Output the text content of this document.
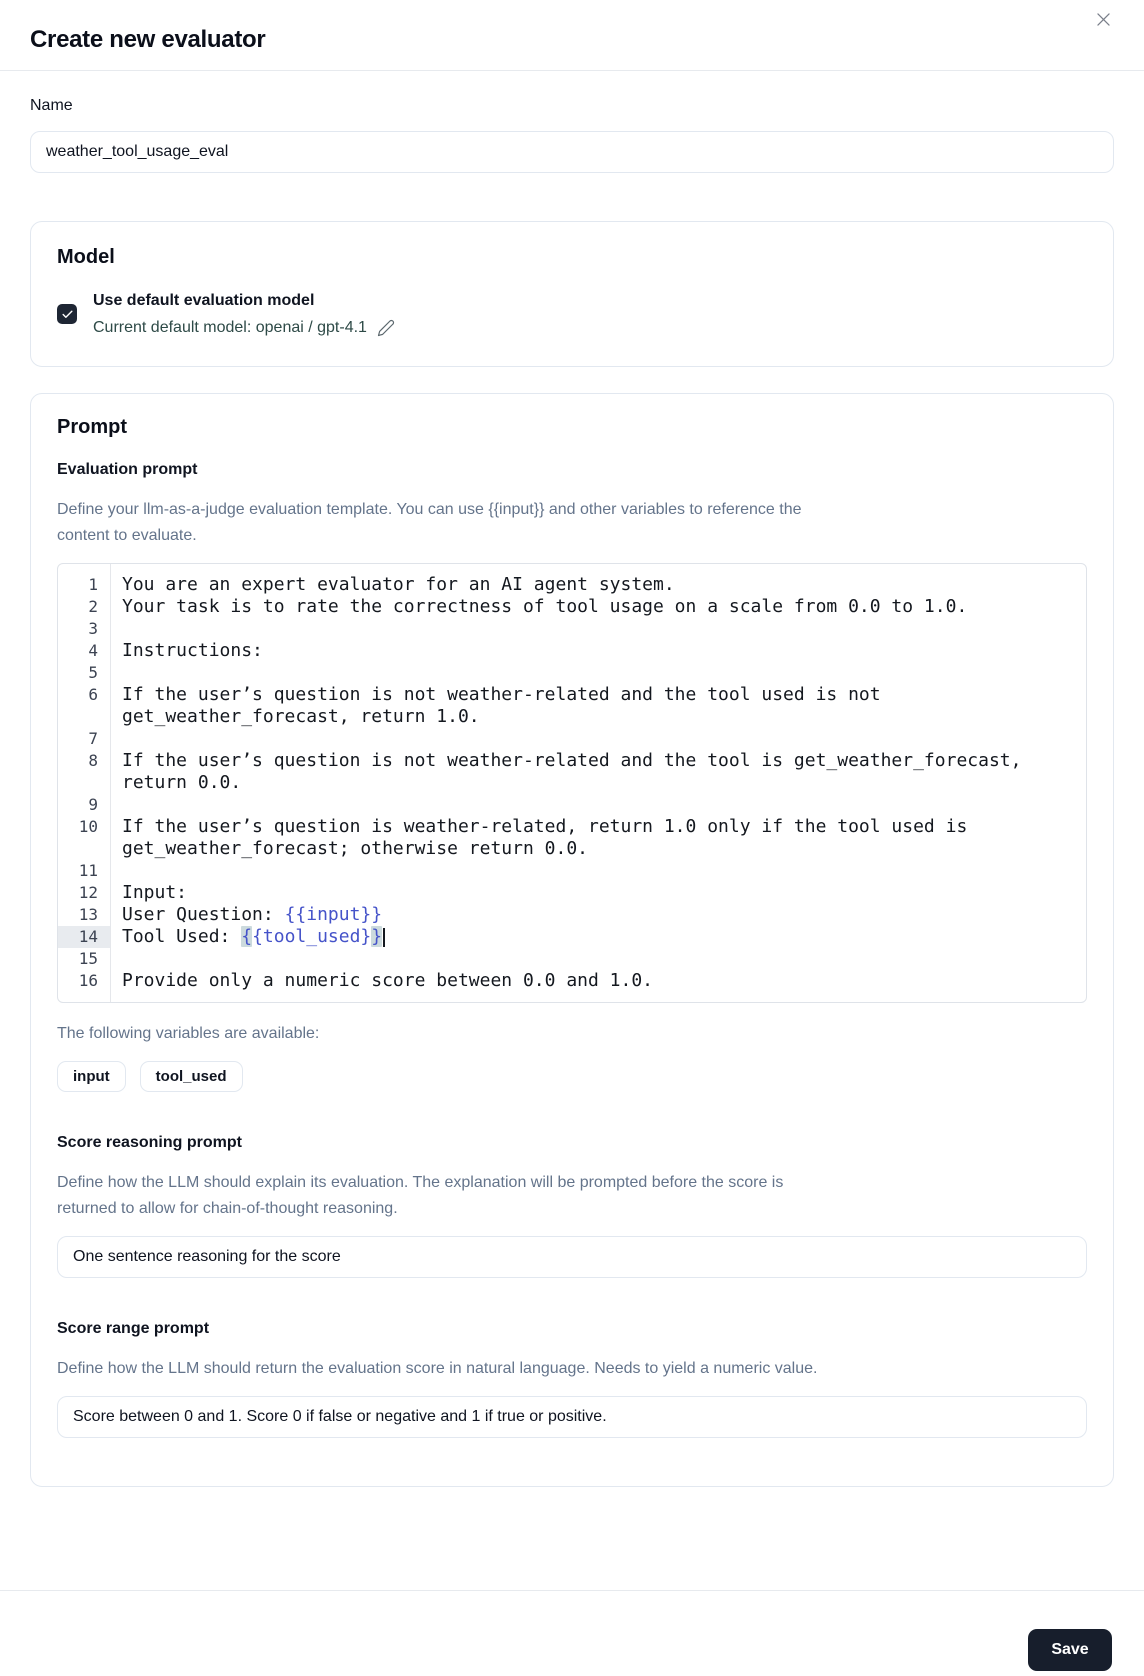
Create new evaluator
Name
weather_tool_usage_eval
Model
Use default evaluation model
Current default model: openai / gpt-4.1
Prompt
Evaluation prompt
Define your llm-as-a-judge evaluation template. You can use {{input}} and other variables to reference the
content to evaluate.
1	You are an expert evaluator for an AI agent system.
2	Your task is to rate the correctness of tool usage on a scale from 0.0 to 1.0.
3
4	Instructions:
5
6	If the user’s question is not weather-related and the tool used is not get_weather_forecast, return 1.0.
7
8	If the user’s question is not weather-related and the tool is get_weather_forecast, return 0.0.
9
10	If the user’s question is weather-related, return 1.0 only if the tool used is get_weather_forecast; otherwise return 0.0.
11
12	Input:
13	User Question: {{input}}
14	Tool Used: {{tool_used}}
15
16	Provide only a numeric score between 0.0 and 1.0.
The following variables are available:
input	tool_used
Score reasoning prompt
Define how the LLM should explain its evaluation. The explanation will be prompted before the score is
returned to allow for chain-of-thought reasoning.
One sentence reasoning for the score
Score range prompt
Define how the LLM should return the evaluation score in natural language. Needs to yield a numeric value.
Score between 0 and 1. Score 0 if false or negative and 1 if true or positive.
Save
